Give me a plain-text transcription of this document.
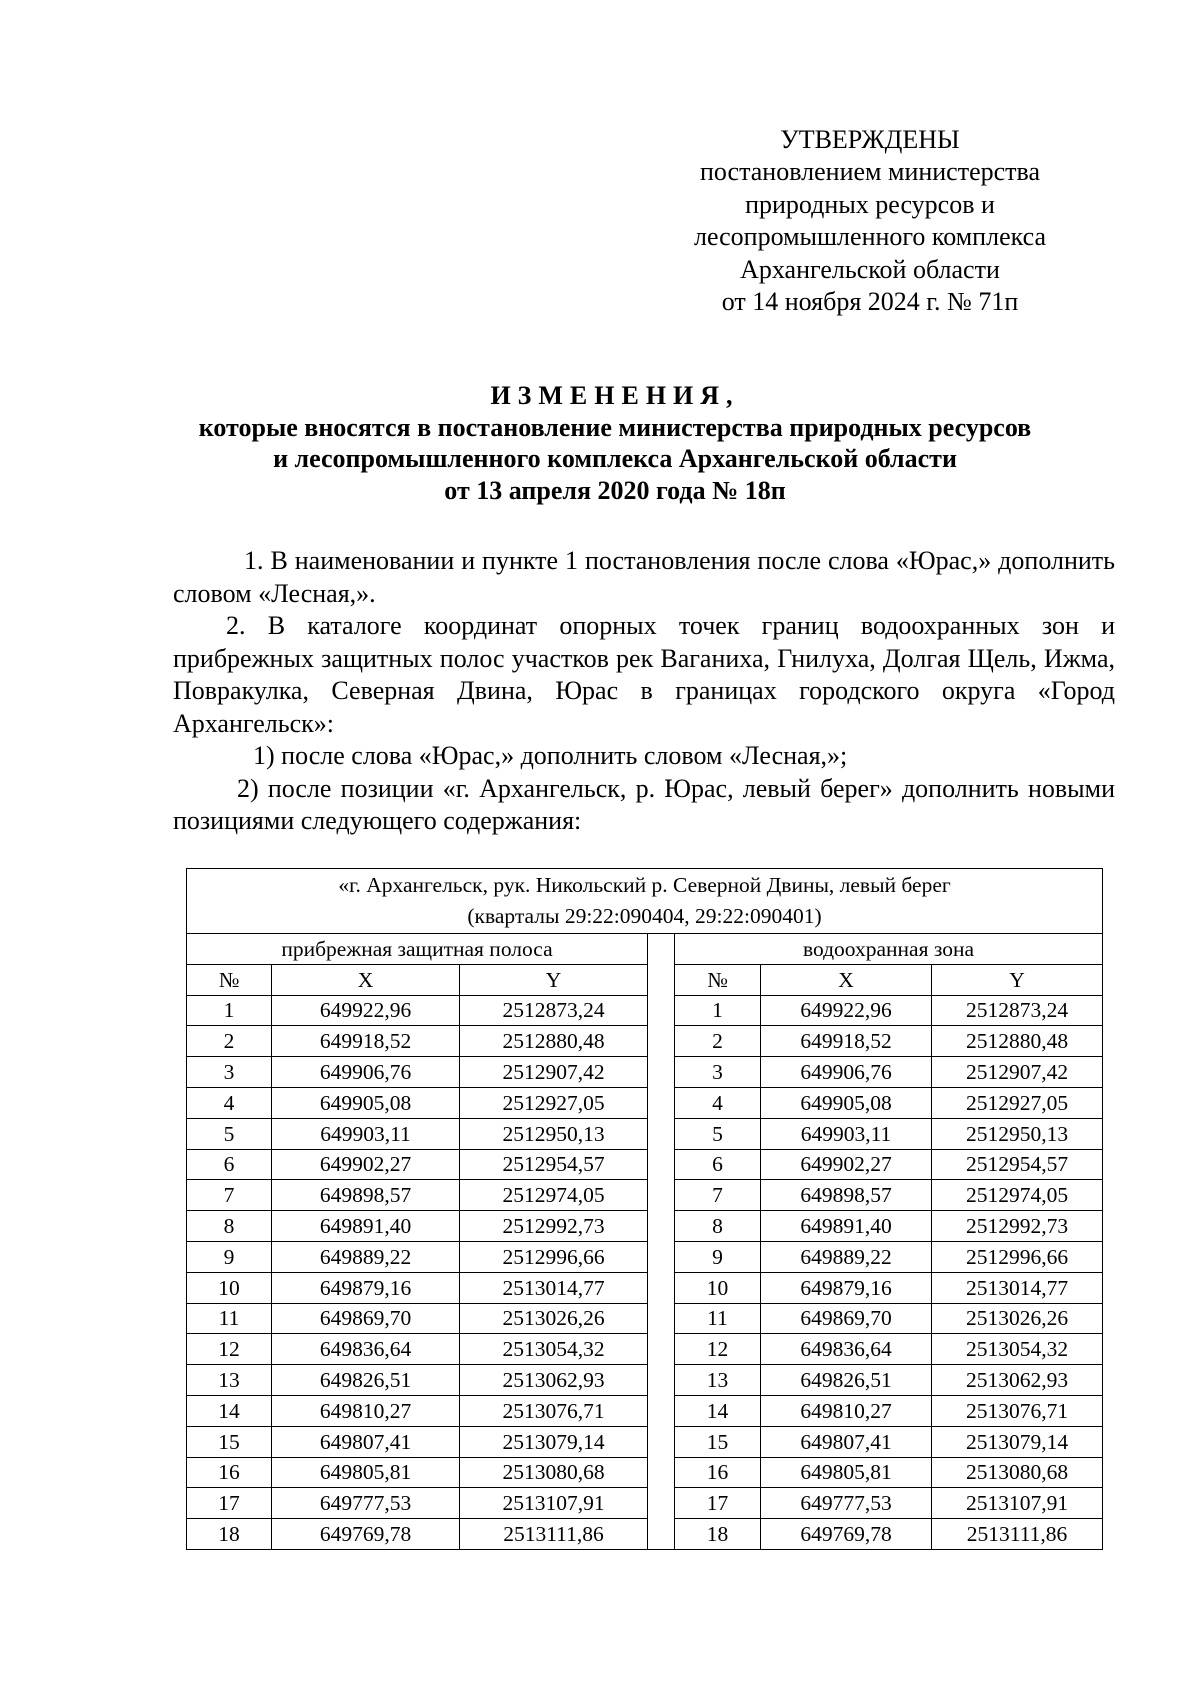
УТВЕРЖДЕНЫ
постановлением министерства
природных ресурсов и
лесопромышленного комплекса
Архангельской области
от 14 ноября 2024 г. № 71п
ИЗМЕНЕНИЯ,
которые вносятся в постановление министерства природных ресурсов
и лесопромышленного комплекса Архангельской области
от 13 апреля 2020 года № 18п

1. В наименовании и пункте 1 постановления после слова «Юрас,» дополнить словом «Лесная,».

2. В каталоге координат опорных точек границ водоохранных зон и прибрежных защитных полос участков рек Ваганиха, Гнилуха, Долгая Щель, Ижма, Повракулка, Северная Двина, Юрас в границах городского округа «Город Архангельск»:

1) после слова «Юрас,» дополнить словом «Лесная,»;

2) после позиции «г. Архангельск, р. Юрас, левый берег» дополнить новыми позициями следующего содержания:

«г. Архангельск, рук. Никольский р. Северной Двины, левый берег
(кварталы 29:22:090404, 29:22:090401)						

прибрежная защитная полоса				водоохранная зона		
№	X	Y		№	X	Y
1	649922,96	2512873,24		1	649922,96	2512873,24
2	649918,52	2512880,48		2	649918,52	2512880,48
3	649906,76	2512907,42		3	649906,76	2512907,42
4	649905,08	2512927,05		4	649905,08	2512927,05
5	649903,11	2512950,13		5	649903,11	2512950,13
6	649902,27	2512954,57		6	649902,27	2512954,57
7	649898,57	2512974,05		7	649898,57	2512974,05
8	649891,40	2512992,73		8	649891,40	2512992,73
9	649889,22	2512996,66		9	649889,22	2512996,66
10	649879,16	2513014,77		10	649879,16	2513014,77
11	649869,70	2513026,26		11	649869,70	2513026,26
12	649836,64	2513054,32		12	649836,64	2513054,32
13	649826,51	2513062,93		13	649826,51	2513062,93
14	649810,27	2513076,71		14	649810,27	2513076,71
15	649807,41	2513079,14		15	649807,41	2513079,14
16	649805,81	2513080,68		16	649805,81	2513080,68
17	649777,53	2513107,91		17	649777,53	2513107,91
18	649769,78	2513111,86		18	649769,78	2513111,86
